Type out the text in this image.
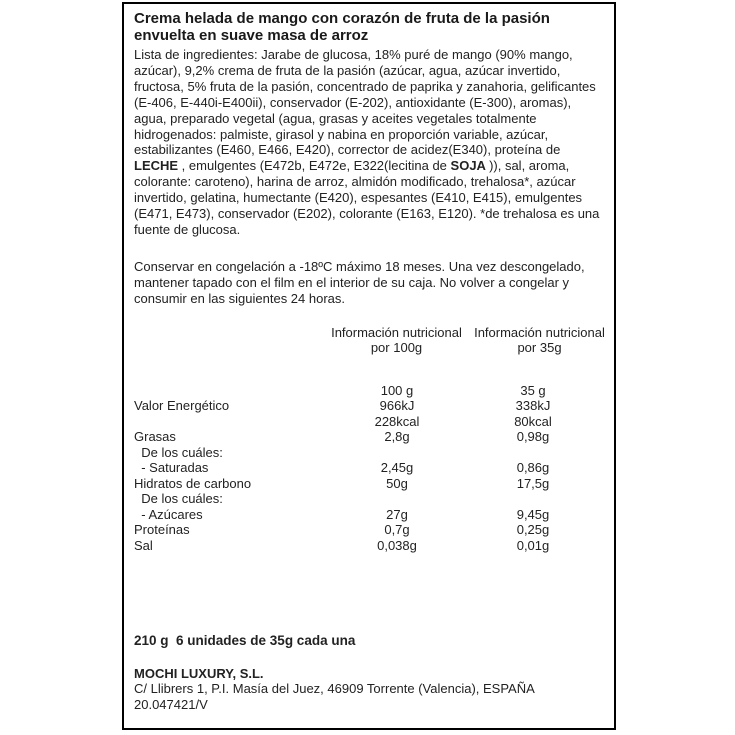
Crema helada de mango con corazón de fruta de la pasión envuelta en suave masa de arroz

Lista de ingredientes: Jarabe de glucosa, 18% puré de mango (90% mango, azúcar), 9,2% crema de fruta de la pasión (azúcar, agua, azúcar invertido, fructosa, 5% fruta de la pasión, concentrado de paprika y zanahoria, gelificantes (E-406, E-440i-E400ii), conservador (E-202), antioxidante (E-300), aromas), agua, preparado vegetal (agua, grasas y aceites vegetales totalmente hidrogenados: palmiste, girasol y nabina en proporción variable, azúcar, estabilizantes (E460, E466, E420), corrector de acidez(E340), proteína de LECHE , emulgentes (E472b, E472e, E322(lecitina de SOJA )), sal, aroma, colorante: caroteno), harina de arroz, almidón modificado, trehalosa*, azúcar invertido, gelatina, humectante (E420), espesantes (E410, E415), emulgentes (E471, E473), conservador (E202), colorante (E163, E120). *de trehalosa es una fuente de glucosa.

Conservar en congelación a -18ºC máximo 18 meses. Una vez descongelado, mantener tapado con el film en el interior de su caja. No volver a congelar y consumir en las siguientes 24 horas.

Información nutricional
por 100g
Información nutricional
por 35g
100 g	35 g
Valor Energético	966kJ	338kJ
228kcal	80kcal
Grasas	2,8g	0,98g
De los cuáles:
- Saturadas	2,45g	0,86g
Hidratos de carbono	50g	17,5g
De los cuáles:
- Azúcares	27g	9,45g
Proteínas	0,7g	0,25g
Sal	0,038g	0,01g

210 g  6 unidades de 35g cada una

MOCHI LUXURY, S.L.

C/ Llibrers 1, P.I. Masía del Juez, 46909 Torrente (Valencia), ESPAÑA

20.047421/V
